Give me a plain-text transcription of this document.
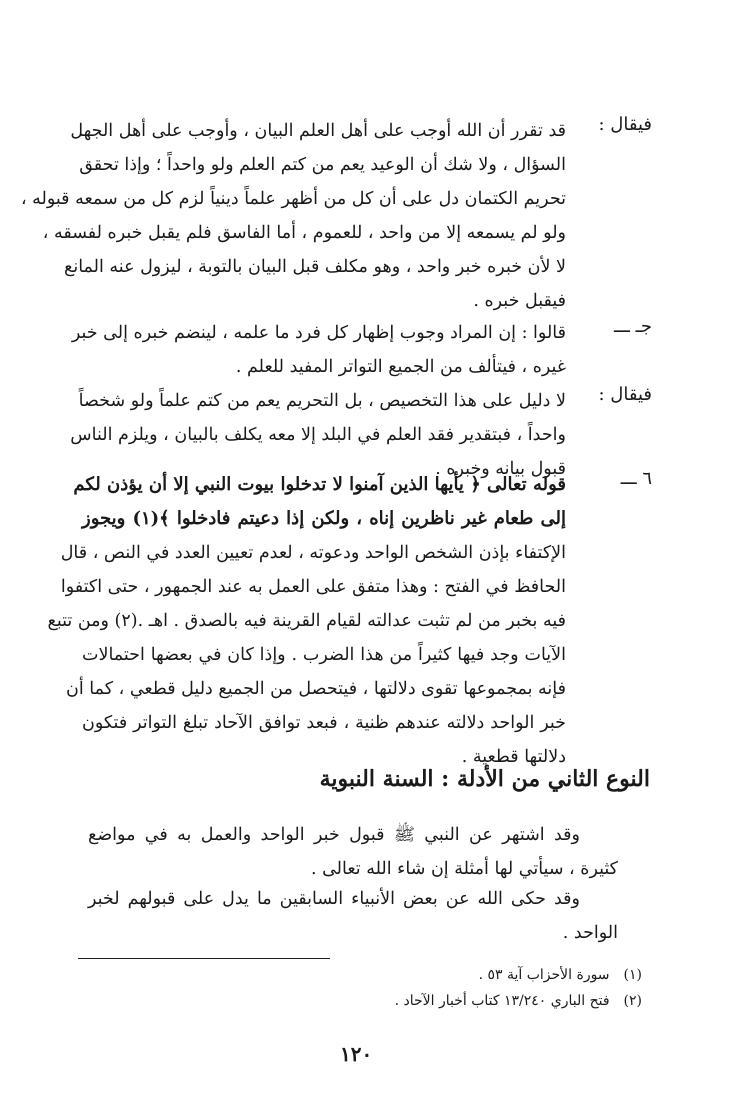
فيقال :
قد تقرر أن الله أوجب على أهل العلم البيان ، وأوجب على أهل الجهل
السؤال ، ولا شك أن الوعيد يعم من كتم العلم ولو واحداً ؛ وإذا تحقق
تحريم الكتمان دل على أن كل من أظهر علماً دينياً لزم كل من سمعه قبوله ،
ولو لم يسمعه إلا من واحد ، للعموم ، أما الفاسق فلم يقبل خبره لفسقه ،
لا لأن خبره خبر واحد ، وهو مكلف قبل البيان بالتوبة ، ليزول عنه المانع
فيقبل خبره .
جـ ـــ
قالوا : إن المراد وجوب إظهار كل فرد ما علمه ، لينضم خبره إلى خبر
غيره ، فيتألف من الجميع التواتر المفيد للعلم .
فيقال :
لا دليل على هذا التخصيص ، بل التحريم يعم من كتم علماً ولو شخصاً
واحداً ، فبتقدير فقد العلم في البلد إلا معه يكلف بالبيان ، ويلزم الناس
قبول بيانه وخبره .	٦ ـــ
قوله تعالى ﴿ يأيها الذين آمنوا لا تدخلوا بيوت النبي إلا أن يؤذن لكم
إلى طعام غير ناظرين إناه ، ولكن إذا دعيتم فادخلوا ﴾(١) ويجوز
الإكتفاء بإذن الشخص الواحد ودعوته ، لعدم تعيين العدد في النص ، قال
الحافظ في الفتح : وهذا متفق على العمل به عند الجمهور ، حتى اكتفوا
فيه بخبر من لم تثبت عدالته لقيام القرينة فيه بالصدق . اهـ .(٢) ومن تتبع
الآيات وجد فيها كثيراً من هذا الضرب . وإذا كان في بعضها احتمالات
فإنه بمجموعها تقوى دلالتها ، فيتحصل من الجميع دليل قطعي ، كما أن
خبر الواحد دلالته عندهم ظنية ، فبعد توافق الآحاد تبلغ التواتر فتكون
دلالتها قطعية .
النوع الثاني من الأدلة : السنة النبوية
وقد اشتهر عن النبي ﷺ قبول خبر الواحد والعمل به في مواضع
كثيرة ، سيأتي لها أمثلة إن شاء الله تعالى .
وقد حكى الله عن بعض الأنبياء السابقين ما يدل على قبولهم لخبر
الواحد .
(١) سورة الأحزاب آية ٥٣ .
(٢) فتح الباري ١٣/٢٤٠ كتاب أخبار الآحاد .
١٢٠
